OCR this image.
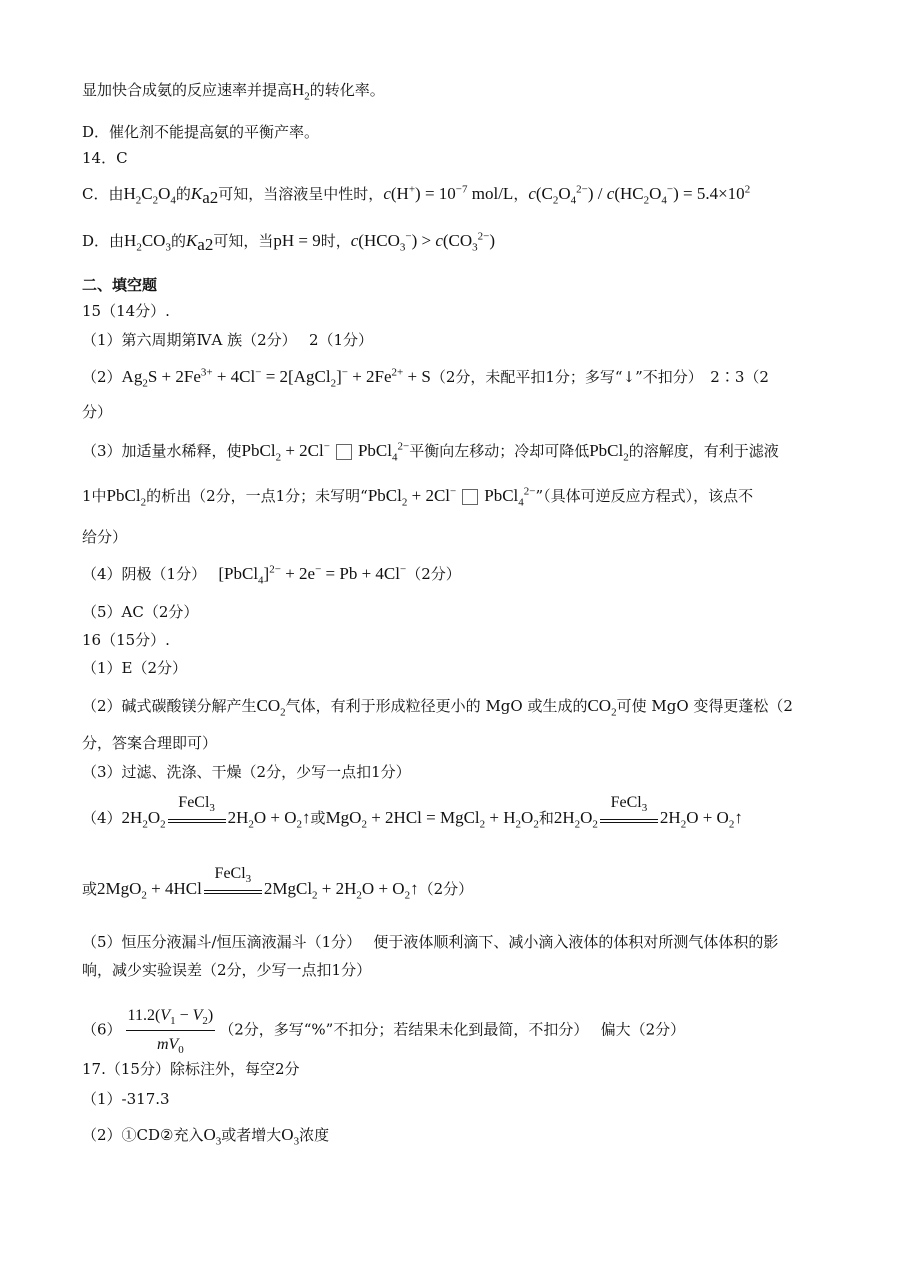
显加快合成氨的反应速率并提高$H_2$的转化率。
D．催化剂不能提高氨的平衡产率。
14．C
C．由$H_2C_2O_4$的$K_{a2}$可知，当溶液呈中性时，$c(H^+) = 10^{-7}$ mol/L，$c(C_2O_4^{2-}) / c(HC_2O_4^-) = 5.4\times 10^2$
D．由$H_2CO_3$的$K_{a2}$可知，当pH = 9时，$c(HCO_3^-) > c(CO_3^{2-})$
二、填空题
15（14分）.
（1）第六周期第ⅣA 族（2分）　 2（1分）
$(2)Ag_2S + 2Fe^{3+} + 4Cl^-$ = 2[AgCl$_2$]− + $2Fe^{2+} + S(2$分，未配平扣1分；多写“↓”不扣分）　2∶3（2
分）
（3）加适量水稀释，使PbCl$_2$ + 2Cl− PbCl$_4^{2-}$平衡向左移动；冷却可降低PbCl$_2$的溶解度，有利于滤液
1中PbCl$_2$的析出（2分，一点1分；未写明“PbCl$_2$ + 2Cl− PbCl$_4^{2-}$”（具体可逆反应方程式），该点不
给分）
（4）阴极（1分）　 [PbCl$_4$]$^{2-}$ + 2e− = Pb + 4Cl−（2分）
（5）AC（2分）
16（15分）.
（1）E（2分）
（2）碱式碳酸镁分解产生$CO_2$气体，有利于形成粒径更小的 MgO 或生成的$CO_2$可使 MgO 变得更蓬松（2
分，答案合理即可）
（3）过滤、洗涤、干燥（2分，少写一点扣1分）
$(4)2H_2O_2$
FeCl$_3$ $2H_2O$ + $O_2↑$或MgO$_2$ + 2HCl = MgCl$_2$ + $H_2O_2$和$2H_2O_2$
FeCl$_3$ $2H_2O$ + $O_2↑$
或2MgO$_2$ + 4HCl
FeCl$_3$ 2MgCl$_2$ + $2H_2O$ + $O_2↑(2$分）
（5）恒压分液漏斗/恒压滴液漏斗（1分）　 便于液体顺利滴下、减小滴入液体的体积对所测气体体积的影
响，减少实验误差（2分，少写一点扣1分）
$(6) \frac{11.2(V_1 - V_2)}{mV_0} (2$分，多写“%”不扣分；若结果未化到最简，不扣分）　 偏大（2分）
17.（15分）除标注外，每空2分
（1）-317.3
（2）①CD②充入$O_3$或者增大$O_3$浓度
